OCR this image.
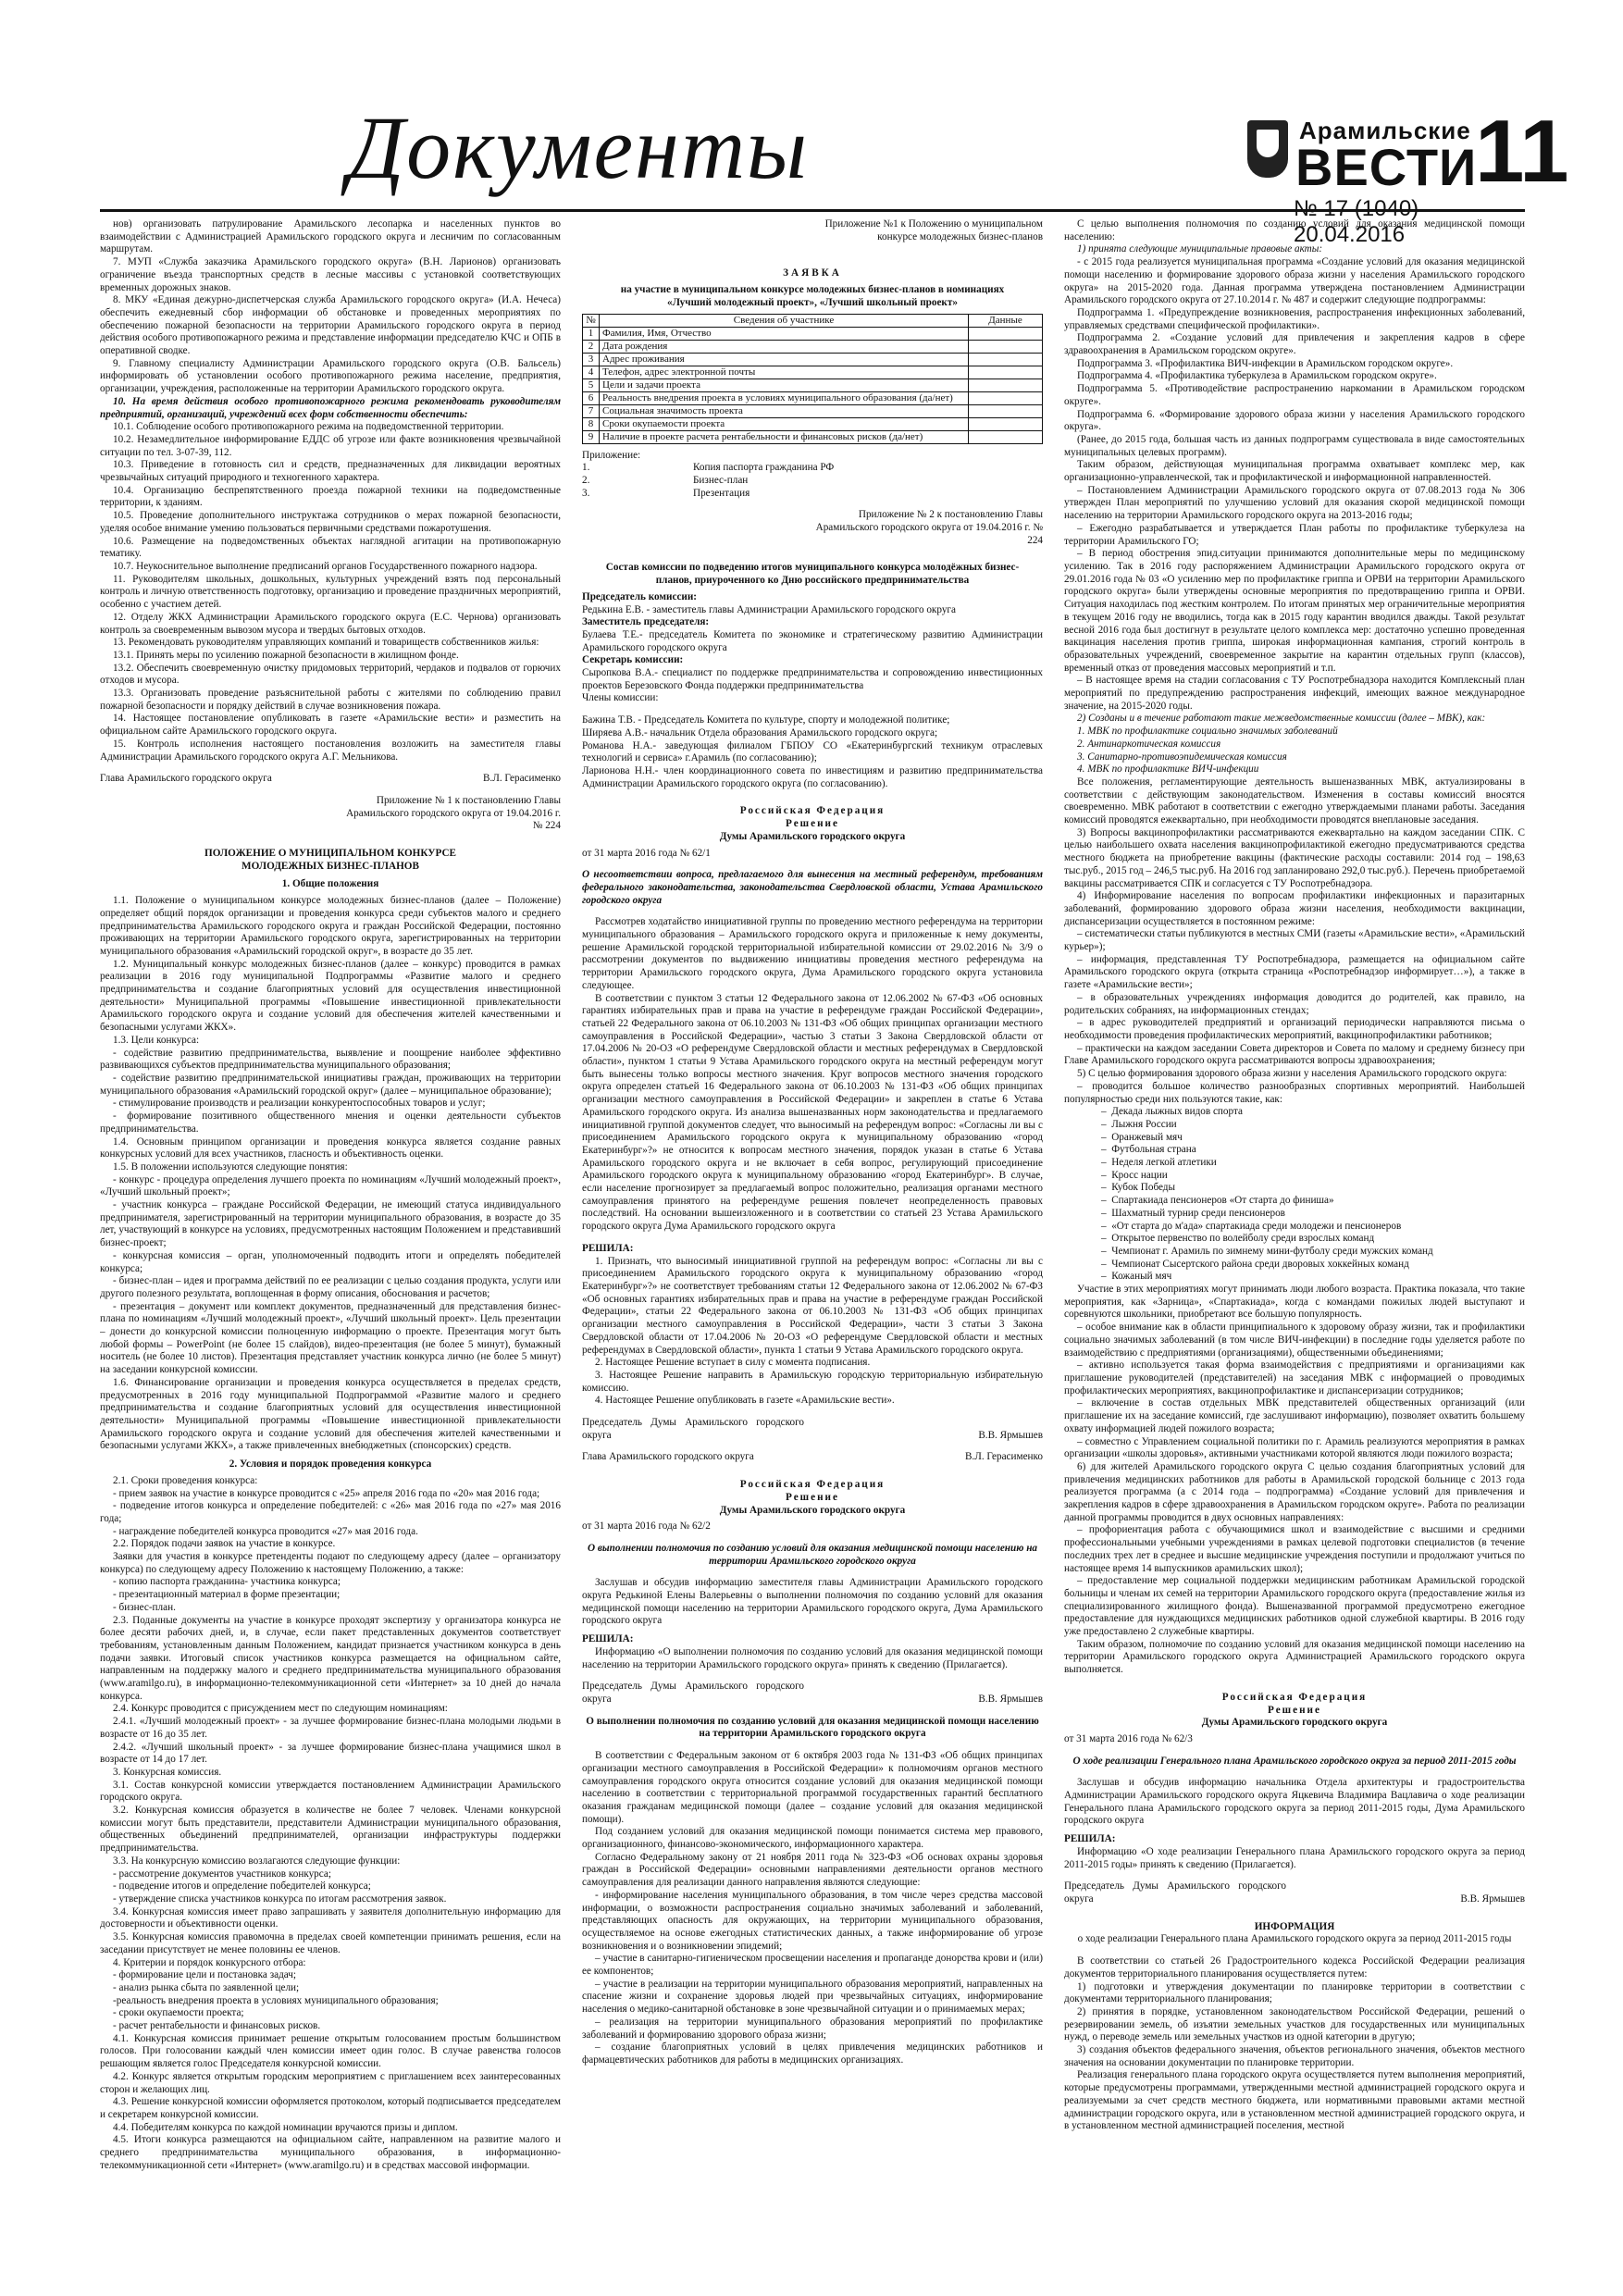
Документы	Арамильские
ВЕСТИ
11
20.04.2016

нов) организовать патрулирование Арамильского лесопарка и населенных пунктов во взаимодействии с Администрацией Арамильского городского округа и лесничим по согласованным маршрутам.

7. МУП «Служба заказчика Арамильского городского округа» (В.Н. Ларионов) организовать ограничение въезда транспортных средств в лесные массивы с установкой соответствующих временных дорожных знаков.

8. МКУ «Единая дежурно-диспетчерская служба Арамильского городского округа» (И.А. Нечеса) обеспечить ежедневный сбор информации об обстановке и проведенных мероприятиях по обеспечению пожарной безопасности на территории Арамильского городского округа в период действия особого противопожарного режима и представление информации председателю КЧС и ОПБ в оперативной сводке.

9. Главному специалисту Администрации Арамильского городского округа (О.В. Бальсель) информировать об установлении особого противопожарного режима население, предприятия, организации, учреждения, расположенные на территории Арамильского городского округа.

10. На время действия особого противопожарного режима рекомендовать руководителям предприятий, организаций, учреждений всех форм собственности обеспечить:

10.1. Соблюдение особого противопожарного режима на подведомственной территории.

10.2. Незамедлительное информирование ЕДДС об угрозе или факте возникновения чрезвычайной ситуации по тел. 3-07-39, 112.

10.3. Приведение в готовность сил и средств, предназначенных для ликвидации вероятных чрезвычайных ситуаций природного и техногенного характера.

10.4. Организацию беспрепятственного проезда пожарной техники на подведомственные территории, к зданиям.

10.5. Проведение дополнительного инструктажа сотрудников о мерах пожарной безопасности, уделяя особое внимание умению пользоваться первичными средствами пожаротушения.

10.6. Размещение на подведомственных объектах наглядной агитации на противопожарную тематику.

10.7. Неукоснительное выполнение предписаний органов Государственного пожарного надзора.

11. Руководителям школьных, дошкольных, культурных учреждений взять под персональный контроль и личную ответственность подготовку, организацию и проведение праздничных мероприятий, особенно с участием детей.

12. Отделу ЖКХ Администрации Арамильского городского округа (Е.С. Чернова) организовать контроль за своевременным вывозом мусора и твердых бытовых отходов.

13. Рекомендовать руководителям управляющих компаний и товариществ собственников жилья:

13.1. Принять меры по усилению пожарной безопасности в жилищном фонде.

13.2. Обеспечить своевременную очистку придомовых территорий, чердаков и подвалов от горючих отходов и мусора.

13.3. Организовать проведение разъяснительной работы с жителями по соблюдению правил пожарной безопасности и порядку действий в случае возникновения пожара.

14. Настоящее постановление опубликовать в газете «Арамильские вести» и разместить на официальном сайте Арамильского городского округа.

15. Контроль исполнения настоящего постановления возложить на заместителя главы Администрации Арамильского городского округа А.Г. Мельникова.

Глава Арамильского городского округа	В.Л. Герасименко

Приложение № 1 к постановлению Главы Арамильского городского округа от 19.04.2016 г. № 224

ПОЛОЖЕНИЕ О МУНИЦИПАЛЬНОМ КОНКУРСЕ МОЛОДЕЖНЫХ БИЗНЕС-ПЛАНОВ

1. Общие положения

1.1. Положение о муниципальном конкурсе молодежных бизнес-планов (далее – Положение) определяет общий порядок организации и проведения конкурса среди субъектов малого и среднего предпринимательства Арамильского городского округа и граждан Российской Федерации, постоянно проживающих на территории Арамильского городского округа, зарегистрированных на территории муниципального образования «Арамильский городской округ», в возрасте до 35 лет.

1.2. Муниципальный конкурс молодежных бизнес-планов (далее – конкурс) проводится в рамках реализации в 2016 году муниципальной Подпрограммы «Развитие малого и среднего предпринимательства и создание благоприятных условий для осуществления инвестиционной деятельности» Муниципальной программы «Повышение инвестиционной привлекательности Арамильского городского округа и создание условий для обеспечения жителей качественными и безопасными услугами ЖКХ».

1.3. Цели конкурса:

- содействие развитию предпринимательства, выявление и поощрение наиболее эффективно развивающихся субъектов предпринимательства муниципального образования;

- содействие развитию предпринимательской инициативы граждан, проживающих на территории муниципального образования «Арамильский городской округ» (далее – муниципальное образование);

- стимулирование производств и реализации конкурентоспособных товаров и услуг;

- формирование позитивного общественного мнения и оценки деятельности субъектов предпринимательства.

1.4. Основным принципом организации и проведения конкурса является создание равных конкурсных условий для всех участников, гласность и объективность оценки.

1.5. В положении используются следующие понятия:

- конкурс - процедура определения лучшего проекта по номинациям «Лучший молодежный проект», «Лучший школьный проект»;

- участник конкурса – граждане Российской Федерации, не имеющий статуса индивидуального предпринимателя, зарегистрированный на территории муниципального образования, в возрасте до 35 лет, участвующий в конкурсе на условиях, предусмотренных настоящим Положением и представивший бизнес-проект;

- конкурсная комиссия – орган, уполномоченный подводить итоги и определять победителей конкурса;

- бизнес-план – идея и программа действий по ее реализации с целью создания продукта, услуги или другого полезного результата, воплощенная в форму описания, обоснования и расчетов;

- презентация – документ или комплект документов, предназначенный для представления бизнес-плана по номинациям «Лучший молодежный проект», «Лучший школьный проект». Цель презентации – донести до конкурсной комиссии полноценную информацию о проекте. Презентация могут быть любой формы – PowerPoint (не более 15 слайдов), видео-презентация (не более 5 минут), бумажный носитель (не более 10 листов). Презентация представляет участник конкурса лично (не более 5 минут) на заседании конкурсной комиссии.

1.6. Финансирование организации и проведения конкурса осуществляется в пределах средств, предусмотренных в 2016 году муниципальной Подпрограммой «Развитие малого и среднего предпринимательства и создание благоприятных условий для осуществления инвестиционной деятельности» Муниципальной программы «Повышение инвестиционной привлекательности Арамильского городского округа и создание условий для обеспечения жителей качественными и безопасными услугами ЖКХ», а также привлеченных внебюджетных (спонсорских) средств.

2. Условия и порядок проведения конкурса

2.1. Сроки проведения конкурса:

- прием заявок на участие в конкурсе проводится с «25» апреля 2016 года по «20» мая 2016 года;

- подведение итогов конкурса и определение победителей: с «26» мая 2016 года по «27» мая 2016 года;

- награждение победителей конкурса проводится «27» мая 2016 года.

2.2. Порядок подачи заявок на участие в конкурсе.

Заявки для участия в конкурсе претенденты подают по следующему адресу (далее – организатору конкурса) по следующему адресу Положению к настоящему Положению, а также:

- копию паспорта гражданина- участника конкурса;

- презентационный материал в форме презентации;

- бизнес-план.

2.3. Поданные документы на участие в конкурсе проходят экспертизу у организатора конкурса не более десяти рабочих дней, и, в случае, если пакет представленных документов соответствует требованиям, установленным данным Положением, кандидат признается участником конкурса в день подачи заявки. Итоговый список участников конкурса размещается на официальном сайте, направленным на поддержку малого и среднего предпринимательства муниципального образования (www.aramilgo.ru), в информационно-телекоммуникационной сети «Интернет» за 10 дней до начала конкурса.

2.4. Конкурс проводится с присуждением мест по следующим номинациям:

2.4.1. «Лучший молодежный проект» - за лучшее формирование бизнес-плана молодыми людьми в возрасте от 16 до 35 лет.

2.4.2. «Лучший школьный проект» - за лучшее формирование бизнес-плана учащимися школ в возрасте от 14 до 17 лет.

3. Конкурсная комиссия.

3.1. Состав конкурсной комиссии утверждается постановлением Администрации Арамильского городского округа.

3.2. Конкурсная комиссия образуется в количестве не более 7 человек. Членами конкурсной комиссии могут быть представители, представители Администрации муниципального образования, общественных объединений предпринимателей, организации инфраструктуры поддержки предпринимательства.

3.3. На конкурсную комиссию возлагаются следующие функции:

- рассмотрение документов участников конкурса;

- подведение итогов и определение победителей конкурса;

- утверждение списка участников конкурса по итогам рассмотрения заявок.

3.4. Конкурсная комиссия имеет право запрашивать у заявителя дополнительную информацию для достоверности и объективности оценки.

3.5. Конкурсная комиссия правомочна в пределах своей компетенции принимать решения, если на заседании присутствует не менее половины ее членов.

4. Критерии и порядок конкурсного отбора:

- формирование цели и постановка задач;

- анализ рынка сбыта по заявленной цели;

-реальность внедрения проекта в условиях муниципального образования;

- сроки окупаемости проекта;

- расчет рентабельности и финансовых рисков.

4.1. Конкурсная комиссия принимает решение открытым голосованием простым большинством голосов. При голосовании каждый член комиссии имеет один голос. В случае равенства голосов решающим является голос Председателя конкурсной комиссии.

4.2. Конкурс является открытым городским мероприятием с приглашением всех заинтересованных сторон и желающих лиц.

4.3. Решение конкурсной комиссии оформляется протоколом, который подписывается председателем и секретарем конкурсной комиссии.

4.4. Победителям конкурса по каждой номинации вручаются призы и диплом.

4.5. Итоги конкурса размещаются на официальном сайте, направленном на развитие малого и среднего предпринимательства муниципального образования, в информационно-телекоммуникационной сети «Интернет» (www.aramilgo.ru) и в средствах массовой информации.

Приложение №1 к Положению о муниципальном конкурсе молодежных бизнес-планов

ЗАЯВКА

на участие в муниципальном конкурсе молодежных бизнес-планов в номинациях «Лучший молодежный проект», «Лучший школьный проект»

№	Сведения об участнике	Данные
1	Фамилия, Имя, Отчество	
2	Дата рождения	
3	Адрес проживания	
4	Телефон, адрес электронной почты	
5	Цели и задачи проекта	
6	Реальность внедрения проекта в условиях муниципального образования (да/нет)	
7	Социальная значимость проекта	
8	Сроки окупаемости проекта	
9	Наличие в проекте расчета рентабельности и финансовых рисков (да/нет)	

Приложение:

1.	Копия паспорта гражданина РФ
2.	Бизнес-план
3.	Презентация

Приложение № 2 к постановлению Главы Арамильского городского округа от 19.04.2016 г. № 224

Состав комиссии по подведению итогов муниципального конкурса молодёжных бизнес-планов, приуроченного ко Дню российского предпринимательства

Председатель комиссии:

Редькина Е.В. - заместитель главы Администрации Арамильского городского округа

Заместитель председателя:

Булаева Т.Е.- председатель Комитета по экономике и стратегическому развитию Администрации Арамильского городского округа

Секретарь комиссии:

Сыропкова В.А.- специалист по поддержке предпринимательства и сопровождению инвестиционных проектов Березовского Фонда поддержки предпринимательства

Члены комиссии:

Бажина Т.В. - Председатель Комитета по культуре, спорту и молодежной политике;

Ширяева А.В.- начальник Отдела образования Арамильского городского округа;

Романова Н.А.- заведующая филиалом ГБПОУ СО «Екатеринбургский техникум отраслевых технологий и сервиса» г.Арамиль (по согласованию);

Ларионова Н.Н.- член координационного совета по инвестициям и развитию предпринимательства Администрации Арамильского городского округа (по согласованию).

Российская Федерация

Решение

Думы Арамильского городского округа

от 31 марта 2016 года № 62/1

О несоответствии вопроса, предлагаемого для вынесения на местный референдум, требованиям федерального законодательства, законодательства Свердловской области, Устава Арамильского городского округа

Рассмотрев ходатайство инициативной группы по проведению местного референдума на территории муниципального образования – Арамильского городского округа и приложенные к нему документы, решение Арамильской городской территориальной избирательной комиссии от 29.02.2016 № 3/9 о рассмотрении документов по выдвижению инициативы проведения местного референдума на территории Арамильского городского округа, Дума Арамильского городского округа установила следующее.

В соответствии с пунктом 3 статьи 12 Федерального закона от 12.06.2002 № 67-ФЗ «Об основных гарантиях избирательных прав и права на участие в референдуме граждан Российской Федерации», статьей 22 Федерального закона от 06.10.2003 № 131-ФЗ «Об общих принципах организации местного самоуправления в Российской Федерации», частью 3 статьи 3 Закона Свердловской области от 17.04.2006 № 20-ОЗ «О референдуме Свердловской области и местных референдумах в Свердловской области», пунктом 1 статьи 9 Устава Арамильского городского округа на местный референдум могут быть вынесены только вопросы местного значения. Круг вопросов местного значения городского округа определен статьей 16 Федерального закона от 06.10.2003 № 131-ФЗ «Об общих принципах организации местного самоуправления в Российской Федерации» и закреплен в статье 6 Устава Арамильского городского округа. Из анализа вышеназванных норм законодательства и предлагаемого инициативной группой документов следует, что выносимый на референдум вопрос: «Согласны ли вы с присоединением Арамильского городского округа к муниципальному образованию «город Екатеринбург»?» не относится к вопросам местного значения, порядок указан в статье 6 Устава Арамильского городского округа и не включает в себя вопрос, регулирующий присоединение Арамильского городского округа к муниципальному образованию «город Екатеринбург». В случае, если население прогнозирует за предлагаемый вопрос положительно, реализация органами местного самоуправления принятого на референдуме решения повлечет неопределенность правовых последствий. На основании вышеизложенного и в соответствии со статьей 23 Устава Арамильского городского округа Дума Арамильского городского округа

РЕШИЛА:

1. Признать, что выносимый инициативной группой на референдум вопрос: «Согласны ли вы с присоединением Арамильского городского округа к муниципальному образованию «город Екатеринбург»?» не соответствует требованиям статьи 12 Федерального закона от 12.06.2002 № 67-ФЗ «Об основных гарантиях избирательных прав и права на участие в референдуме граждан Российской Федерации», статьи 22 Федерального закона от 06.10.2003 № 131-ФЗ «Об общих принципах организации местного самоуправления в Российской Федерации», части 3 статьи 3 Закона Свердловской области от 17.04.2006 № 20-ОЗ «О референдуме Свердловской области и местных референдумах в Свердловской области», пункта 1 статьи 9 Устава Арамильского городского округа.

2. Настоящее Решение вступает в силу с момента подписания.

3. Настоящее Решение направить в Арамильскую городскую территориальную избирательную комиссию.

4. Настоящее Решение опубликовать в газете «Арамильские вести».

Председатель Думы Арамильского городского округа	В.В. Ярмышев
Глава Арамильского городского округа	В.Л. Герасименко

Российская Федерация

Решение

Думы Арамильского городского округа

от 31 марта 2016 года № 62/2

О выполнении полномочия по созданию условий для оказания медицинской помощи населению на территории Арамильского городского округа

Заслушав и обсудив информацию заместителя главы Администрации Арамильского городского округа Редькиной Елены Валерьевны о выполнении полномочия по созданию условий для оказания медицинской помощи населению на территории Арамильского городского округа, Дума Арамильского городского округа

РЕШИЛА:

Информацию «О выполнении полномочия по созданию условий для оказания медицинской помощи населению на территории Арамильского городского округа» принять к сведению (Прилагается).

Председатель Думы Арамильского городского округа	В.В. Ярмышев

О выполнении полномочия по созданию условий для оказания медицинской помощи населению на территории Арамильского городского округа

В соответствии с Федеральным законом от 6 октября 2003 года № 131-ФЗ «Об общих принципах организации местного самоуправления в Российской Федерации» к полномочиям органов местного самоуправления городского округа относится создание условий для оказания медицинской помощи населению в соответствии с территориальной программой государственных гарантий бесплатного оказания гражданам медицинской помощи (далее – создание условий для оказания медицинской помощи).

Под созданием условий для оказания медицинской помощи понимается система мер правового, организационного, финансово-экономического, информационного характера.

Согласно Федеральному закону от 21 ноября 2011 года № 323-ФЗ «Об основах охраны здоровья граждан в Российской Федерации» основными направлениями деятельности органов местного самоуправления для реализации данного направления являются следующие:

- информирование населения муниципального образования, в том числе через средства массовой информации, о возможности распространения социально значимых заболеваний и заболеваний, представляющих опасность для окружающих, на территории муниципального образования, осуществляемое на основе ежегодных статистических данных, а также информирование об угрозе возникновения и о возникновении эпидемий;

– участие в санитарно-гигиеническом просвещении населения и пропаганде донорства крови и (или) ее компонентов;

– участие в реализации на территории муниципального образования мероприятий, направленных на спасение жизни и сохранение здоровья людей при чрезвычайных ситуациях, информирование населения о медико-санитарной обстановке в зоне чрезвычайной ситуации и о принимаемых мерах;

– реализация на территории муниципального образования мероприятий по профилактике заболеваний и формированию здорового образа жизни;

– создание благоприятных условий в целях привлечения медицинских работников и фармацевтических работников для работы в медицинских организациях.

С целью выполнения полномочия по созданию условий для оказания медицинской помощи населению:

1) принята следующие муниципальные правовые акты:

- с 2015 года реализуется муниципальная программа «Создание условий для оказания медицинской помощи населению и формирование здорового образа жизни у населения Арамильского городского округа» на 2015-2020 года. Данная программа утверждена постановлением Администрации Арамильского городского округа от 27.10.2014 г. № 487 и содержит следующие подпрограммы:

Подпрограмма 1. «Предупреждение возникновения, распространения инфекционных заболеваний, управляемых средствами специфической профилактики».

Подпрограмма 2. «Создание условий для привлечения и закрепления кадров в сфере здравоохранения в Арамильском городском округе».

Подпрограмма 3. «Профилактика ВИЧ-инфекции в Арамильском городском округе».

Подпрограмма 4. «Профилактика туберкулеза в Арамильском городском округе».

Подпрограмма 5. «Противодействие распространению наркомании в Арамильском городском округе».

Подпрограмма 6. «Формирование здорового образа жизни у населения Арамильского городского округа».

(Ранее, до 2015 года, большая часть из данных подпрограмм существовала в виде самостоятельных муниципальных целевых программ).

Таким образом, действующая муниципальная программа охватывает комплекс мер, как организационно-управленческой, так и профилактической и информационной направленностей.

– Постановлением Администрации Арамильского городского округа от 07.08.2013 года № 306 утвержден План мероприятий по улучшению условий для оказания скорой медицинской помощи населению на территории Арамильского городского округа на 2013-2016 годы;

– Ежегодно разрабатывается и утверждается План работы по профилактике туберкулеза на территории Арамильского ГО;

– В период обострения эпид.ситуации принимаются дополнительные меры по медицинскому усилению. Так в 2016 году распоряжением Администрации Арамильского городского округа от 29.01.2016 года № 03 «О усилению мер по профилактике гриппа и ОРВИ на территории Арамильского городского округа» были утверждены основные мероприятия по предотвращению гриппа и ОРВИ. Ситуация находилась под жестким контролем. По итогам принятых мер ограничительные мероприятия в текущем 2016 году не вводились, тогда как в 2015 году карантин вводился дважды. Такой результат весной 2016 года был достигнут в результате целого комплекса мер: достаточно успешно проведенная вакцинация населения против гриппа, широкая информационная кампания, строгий контроль в образовательных учреждений, своевременное закрытие на карантин отдельных групп (классов), временный отказ от проведения массовых мероприятий и т.п.

– В настоящее время на стадии согласования с ТУ Роспотребнадзора находится Комплексный план мероприятий по предупреждению распространения инфекций, имеющих важное международное значение, на 2015-2020 годы.

2) Созданы и в течение работают такие межведомственные комиссии (далее – МВК), как:

1. МВК по профилактике социально значимых заболеваний

2. Антинаркотическая комиссия

3. Санитарно-противоэпидемическая комиссия

4. МВК по профилактике ВИЧ-инфекции

Все положения, регламентирующие деятельность вышеназванных МВК, актуализированы в соответствии с действующим законодательством. Изменения в составы комиссий вносятся своевременно. МВК работают в соответствии с ежегодно утверждаемыми планами работы. Заседания комиссий проводятся ежеквартально, при необходимости проводятся внеплановые заседания.

3) Вопросы вакцинопрофилактики рассматриваются ежеквартально на каждом заседании СПК. С целью наибольшего охвата населения вакцинопрофилактикой ежегодно предусматриваются средства местного бюджета на приобретение вакцины (фактические расходы составили: 2014 год – 198,63 тыс.руб., 2015 год – 246,5 тыс.руб. На 2016 год запланировано 292,0 тыс.руб.). Перечень приобретаемой вакцины рассматривается СПК и согласуется с ТУ Роспотребнадзора.

4) Информирование населения по вопросам профилактики инфекционных и паразитарных заболеваний, формированию здорового образа жизни населения, необходимости вакцинации, диспансеризации осуществляется в постоянном режиме:

– систематически статьи публикуются в местных СМИ (газеты «Арамильские вести», «Арамильский курьер»);

– информация, представленная ТУ Роспотребнадзора, размещается на официальном сайте Арамильского городского округа (открыта страница «Роспотребнадзор информирует…»), а также в газете «Арамильские вести»;

– в образовательных учреждениях информация доводится до родителей, как правило, на родительских собраниях, на информационных стендах;

– в адрес руководителей предприятий и организаций периодически направляются письма о необходимости проведения профилактических мероприятий, вакцинопрофилактики работников;

– практически на каждом заседании Совета директоров и Совета по малому и среднему бизнесу при Главе Арамильского городского округа рассматриваются вопросы здравоохранения;

5) С целью формирования здорового образа жизни у населения Арамильского городского округа:

– проводится большое количество разнообразных спортивных мероприятий. Наибольшей популярностью среди них пользуются такие, как:

–  Декада лыжных видов спорта

–  Лыжня России

–  Оранжевый мяч

–  Футбольная страна

–  Неделя легкой атлетики

–  Кросс нации

–  Кубок Победы

–  Спартакиада пенсионеров «От старта до финиша»

–  Шахматный турнир среди пенсионеров

–  «От старта до м'ада» спартакиада среди молодежи и пенсионеров

–  Открытое первенство по волейболу среди взрослых команд

–  Чемпионат г. Арамиль по зимнему мини-футболу среди мужских команд

–  Чемпионат Сысертского района среди дворовых хоккейных команд

–  Кожаный мяч

Участие в этих мероприятиях могут принимать люди любого возраста. Практика показала, что такие мероприятия, как «Зарница», «Спартакиада», когда с командами пожилых людей выступают и соревнуются школьники, приобретают все большую популярность.

– особое внимание как в области принципиального к здоровому образу жизни, так и профилактики социально значимых заболеваний (в том числе ВИЧ-инфекции) в последние годы уделяется работе по взаимодействию с предприятиями (организациями), общественными объединениями;

– активно используется такая форма взаимодействия с предприятиями и организациями как приглашение руководителей (представителей) на заседания МВК с информацией о проводимых профилактических мероприятиях, вакцинопрофилактике и диспансеризации сотрудников;

– включение в состав отдельных МВК представителей общественных организаций (или приглашение их на заседание комиссий, где заслушивают информацию), позволяет охватить большему охвату информацией людей пожилого возраста;

– совместно с Управлением социальной политики по г. Арамиль реализуются мероприятия в рамках организации «школы здоровья», активными участниками которой являются люди пожилого возраста;

6) для жителей Арамильского городского округа С целью создания благоприятных условий для привлечения медицинских работников для работы в Арамильской городской больнице с 2013 года реализуется программа (а с 2014 года – подпрограмма) «Создание условий для привлечения и закрепления кадров в сфере здравоохранения в Арамильском городском округе». Работа по реализации данной программы проводится в двух основных направлениях:

– профориентация работа с обучающимися школ и взаимодействие с высшими и средними профессиональными учебными учреждениями в рамках целевой подготовки специалистов (в течение последних трех лет в среднее и высшие медицинские учреждения поступили и продолжают учиться по настоящее время 14 выпускников арамильских школ);

– предоставление мер социальной поддержки медицинским работникам Арамильской городской больницы и членам их семей на территории Арамильского городского округа (предоставление жилья из специализированного жилищного фонда). Вышеназванной программой предусмотрено ежегодное предоставление для нуждающихся медицинских работников одной служебной квартиры. В 2016 году уже предоставлено 2 служебные квартиры.

Таким образом, полномочие по созданию условий для оказания медицинской помощи населению на территории Арамильского городского округа Администрацией Арамильского городского округа выполняется.

Российская Федерация

Решение

Думы Арамильского городского округа

от 31 марта 2016 года № 62/3

О ходе реализации Генерального плана Арамильского городского округа за период 2011-2015 годы

Заслушав и обсудив информацию начальника Отдела архитектуры и градостроительства Администрации Арамильского городского округа Яцкевича Владимира Вацлавича о ходе реализации Генерального плана Арамильского городского округа за период 2011-2015 годы, Дума Арамильского городского округа

РЕШИЛА:

Информацию «О ходе реализации Генерального плана Арамильского городского округа за период 2011-2015 годы» принять к сведению (Прилагается).

Председатель Думы Арамильского городского округа	В.В. Ярмышев

ИНФОРМАЦИЯ

о ходе реализации Генерального плана Арамильского городского округа за период 2011-2015 годы

В соответствии со статьей 26 Градостроительного кодекса Российской Федерации реализация документов территориального планирования осуществляется путем:

1) подготовки и утверждения документации по планировке территории в соответствии с документами территориального планирования;

2) принятия в порядке, установленном законодательством Российской Федерации, решений о резервировании земель, об изъятии земельных участков для государственных или муниципальных нужд, о переводе земель или земельных участков из одной категории в другую;

3) создания объектов федерального значения, объектов регионального значения, объектов местного значения на основании документации по планировке территории.

Реализация генерального плана городского округа осуществляется путем выполнения мероприятий, которые предусмотрены программами, утвержденными местной администрацией городского округа и реализуемыми за счет средств местного бюджета, или нормативными правовыми актами местной администрации городского округа, или в установленном местной администрацией городского округа, и в установленном местной администрацией поселения, местной
